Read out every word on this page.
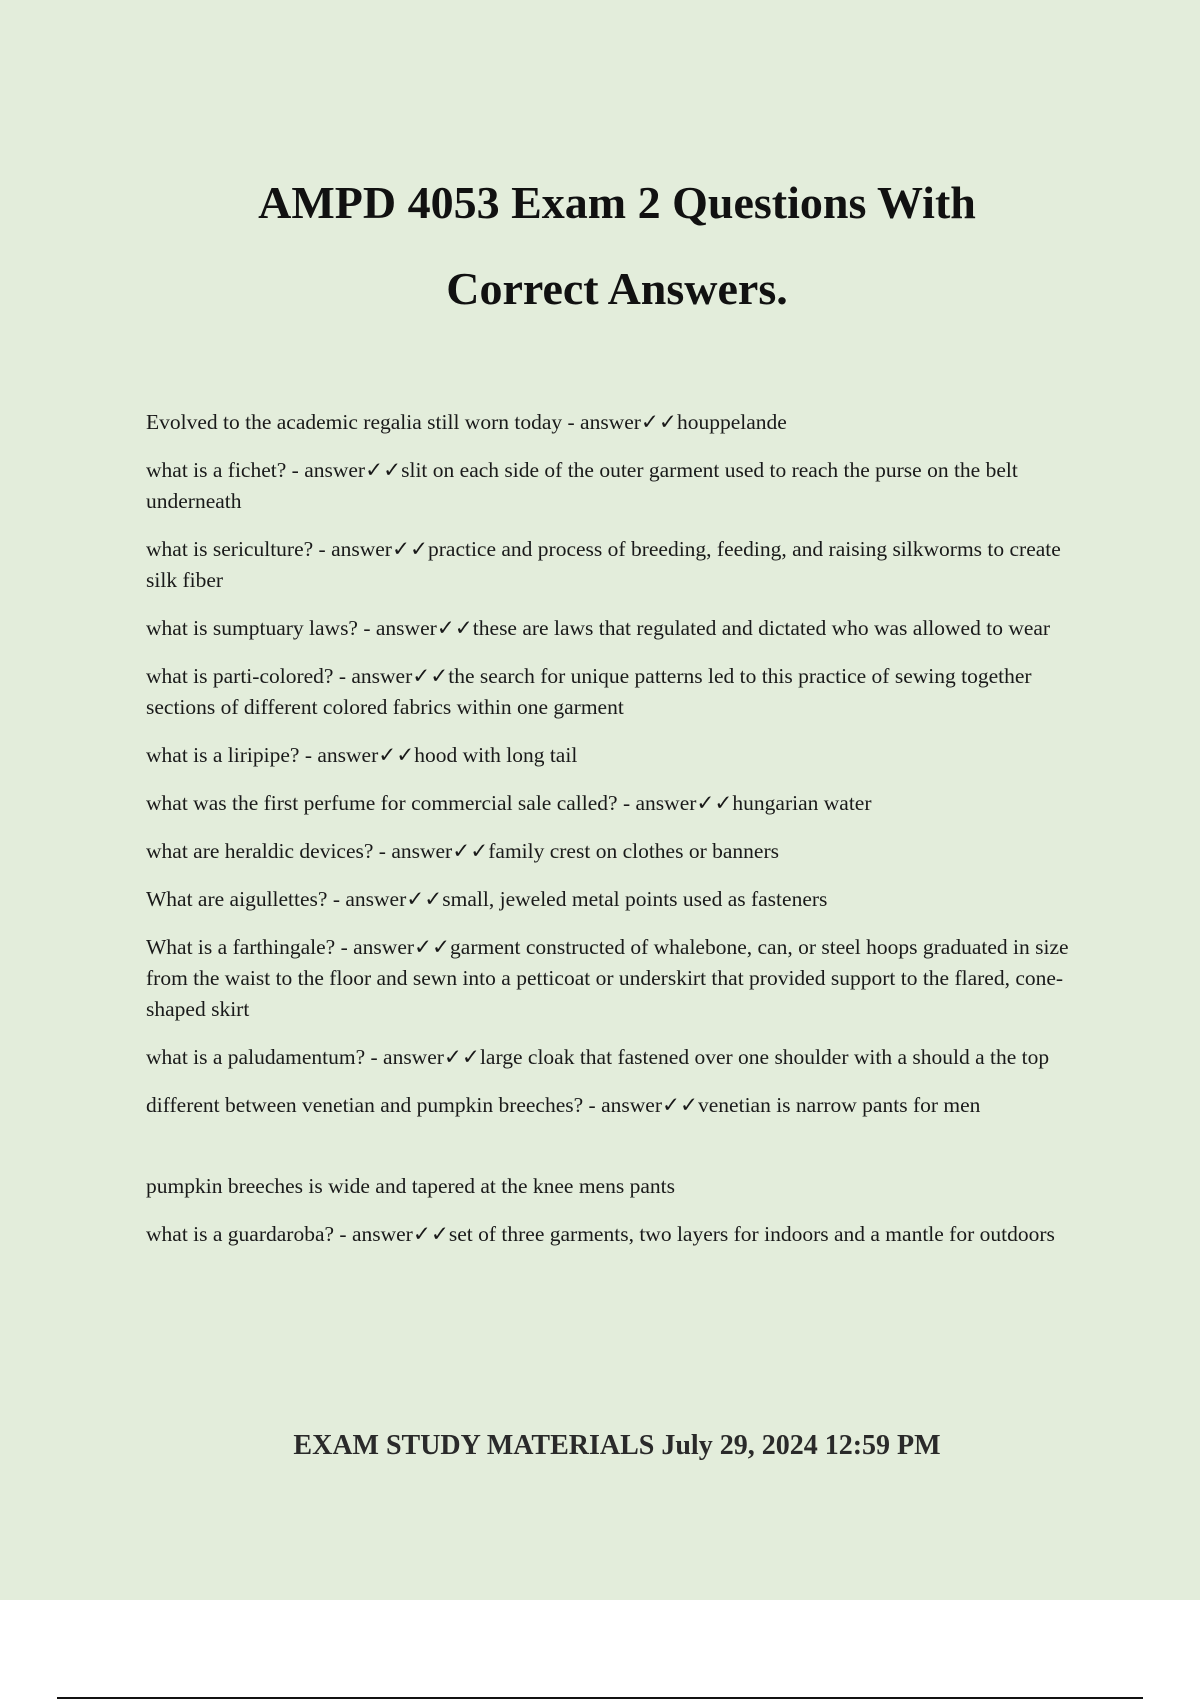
AMPD 4053 Exam 2 Questions With
Correct Answers.
Evolved to the academic regalia still worn today - answer✓✓houppelande
what is a fichet? - answer✓✓slit on each side of the outer garment used to reach the purse on the belt underneath
what is sericulture? - answer✓✓practice and process of breeding, feeding, and raising silkworms to create silk fiber
what is sumptuary laws? - answer✓✓these are laws that regulated and dictated who was allowed to wear
what is parti-colored? - answer✓✓the search for unique patterns led to this practice of sewing together sections of different colored fabrics within one garment
what is a liripipe? - answer✓✓hood with long tail
what was the first perfume for commercial sale called? - answer✓✓hungarian water
what are heraldic devices? - answer✓✓family crest on clothes or banners
What are aigullettes? - answer✓✓small, jeweled metal points used as fasteners
What is a farthingale? - answer✓✓garment constructed of whalebone, can, or steel hoops graduated in size from the waist to the floor and sewn into a petticoat or underskirt that provided support to the flared, cone-shaped skirt
what is a paludamentum? - answer✓✓large cloak that fastened over one shoulder with a should a the top
different between venetian and pumpkin breeches? - answer✓✓venetian is narrow pants for men
pumpkin breeches is wide and tapered at the knee mens pants
what is a guardaroba? - answer✓✓set of three garments, two layers for indoors and a mantle for outdoors
EXAM STUDY MATERIALS July 29, 2024 12:59 PM
